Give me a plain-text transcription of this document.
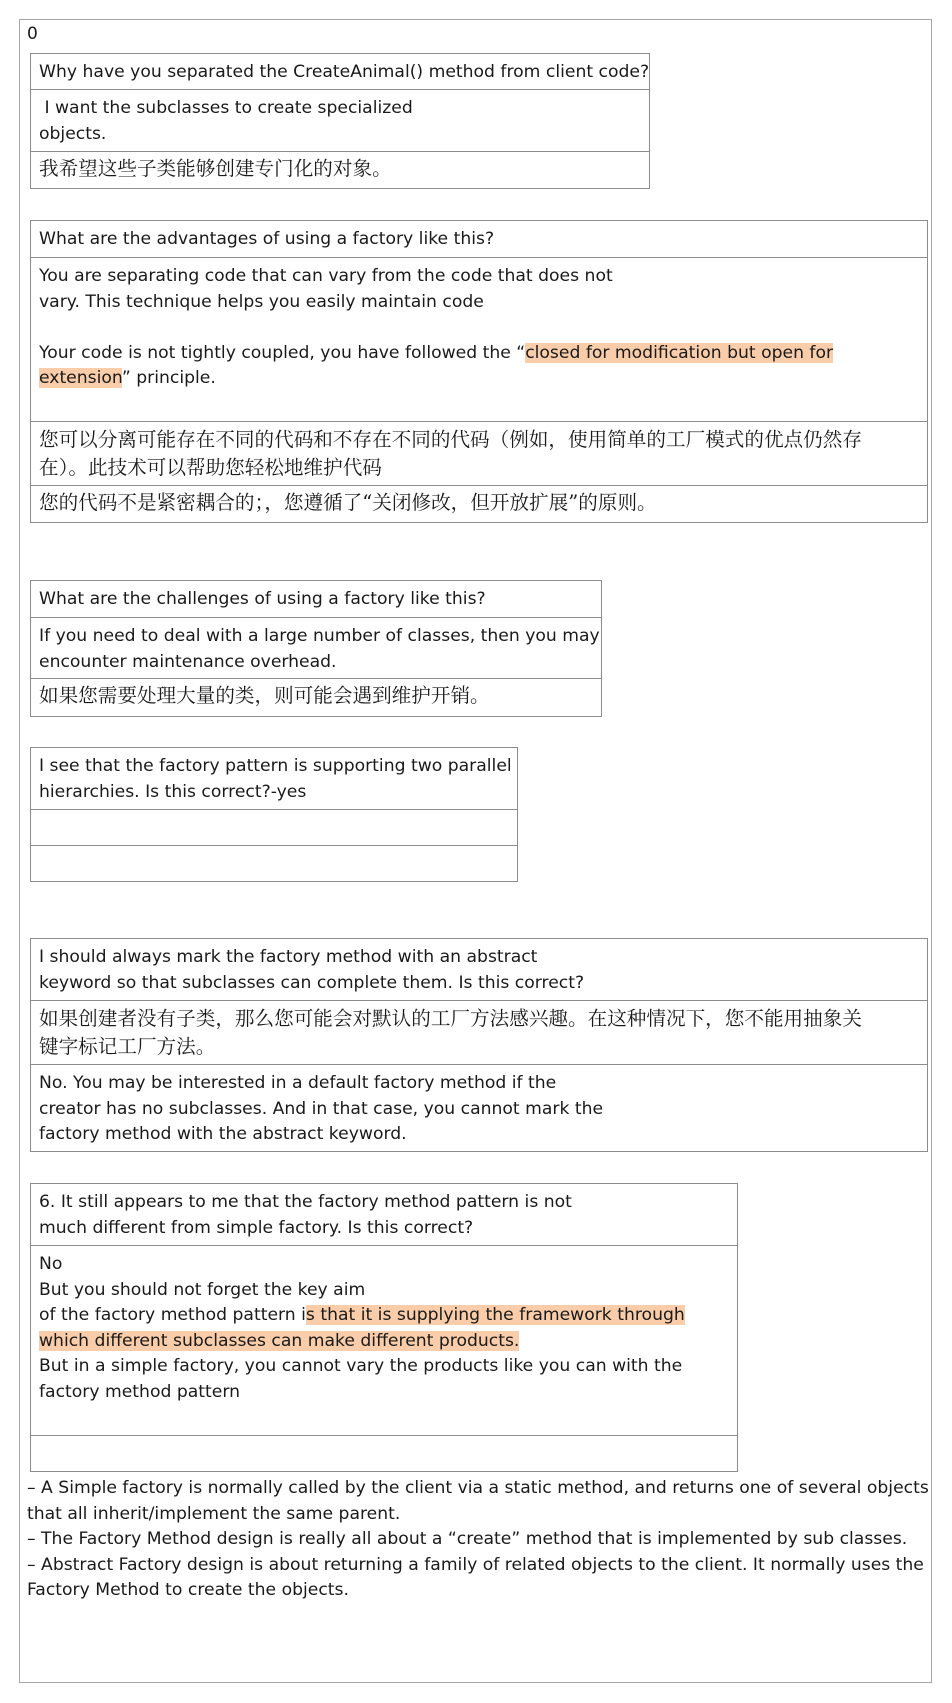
0

Why have you separated the CreateAnimal() method from client code?

I want the subclasses to create specialized

objects.

我希望这些子类能够创建专门化的对象。

What are the advantages of using a factory like this?

You are separating code that can vary from the code that does not

vary. This technique helps you easily maintain code

Your code is not tightly coupled, you have followed the “closed for modification but open for

extension” principle.

您可以分离可能存在不同的代码和不存在不同的代码（例如，使用简单的工厂模式的优点仍然存

在）。此技术可以帮助您轻松地维护代码

您的代码不是紧密耦合的；，您遵循了“关闭修改，但开放扩展”的原则。

What are the challenges of using a factory like this?

If you need to deal with a large number of classes, then you may

encounter maintenance overhead.

如果您需要处理大量的类，则可能会遇到维护开销。

I see that the factory pattern is supporting two parallel

hierarchies. Is this correct?-yes

I should always mark the factory method with an abstract

keyword so that subclasses can complete them. Is this correct?

如果创建者没有子类，那么您可能会对默认的工厂方法感兴趣。在这种情况下，您不能用抽象关

键字标记工厂方法。

No. You may be interested in a default factory method if the

creator has no subclasses. And in that case, you cannot mark the

factory method with the abstract keyword.

6. It still appears to me that the factory method pattern is not

much different from simple factory. Is this correct?

No

But you should not forget the key aim

of the factory method pattern is that it is supplying the framework through

which different subclasses can make different products.

But in a simple factory, you cannot vary the products like you can with the

factory method pattern

– A Simple factory is normally called by the client via a static method, and returns one of several objects

that all inherit/implement the same parent.

– The Factory Method design is really all about a “create” method that is implemented by sub classes.

– Abstract Factory design is about returning a family of related objects to the client. It normally uses the

Factory Method to create the objects.
